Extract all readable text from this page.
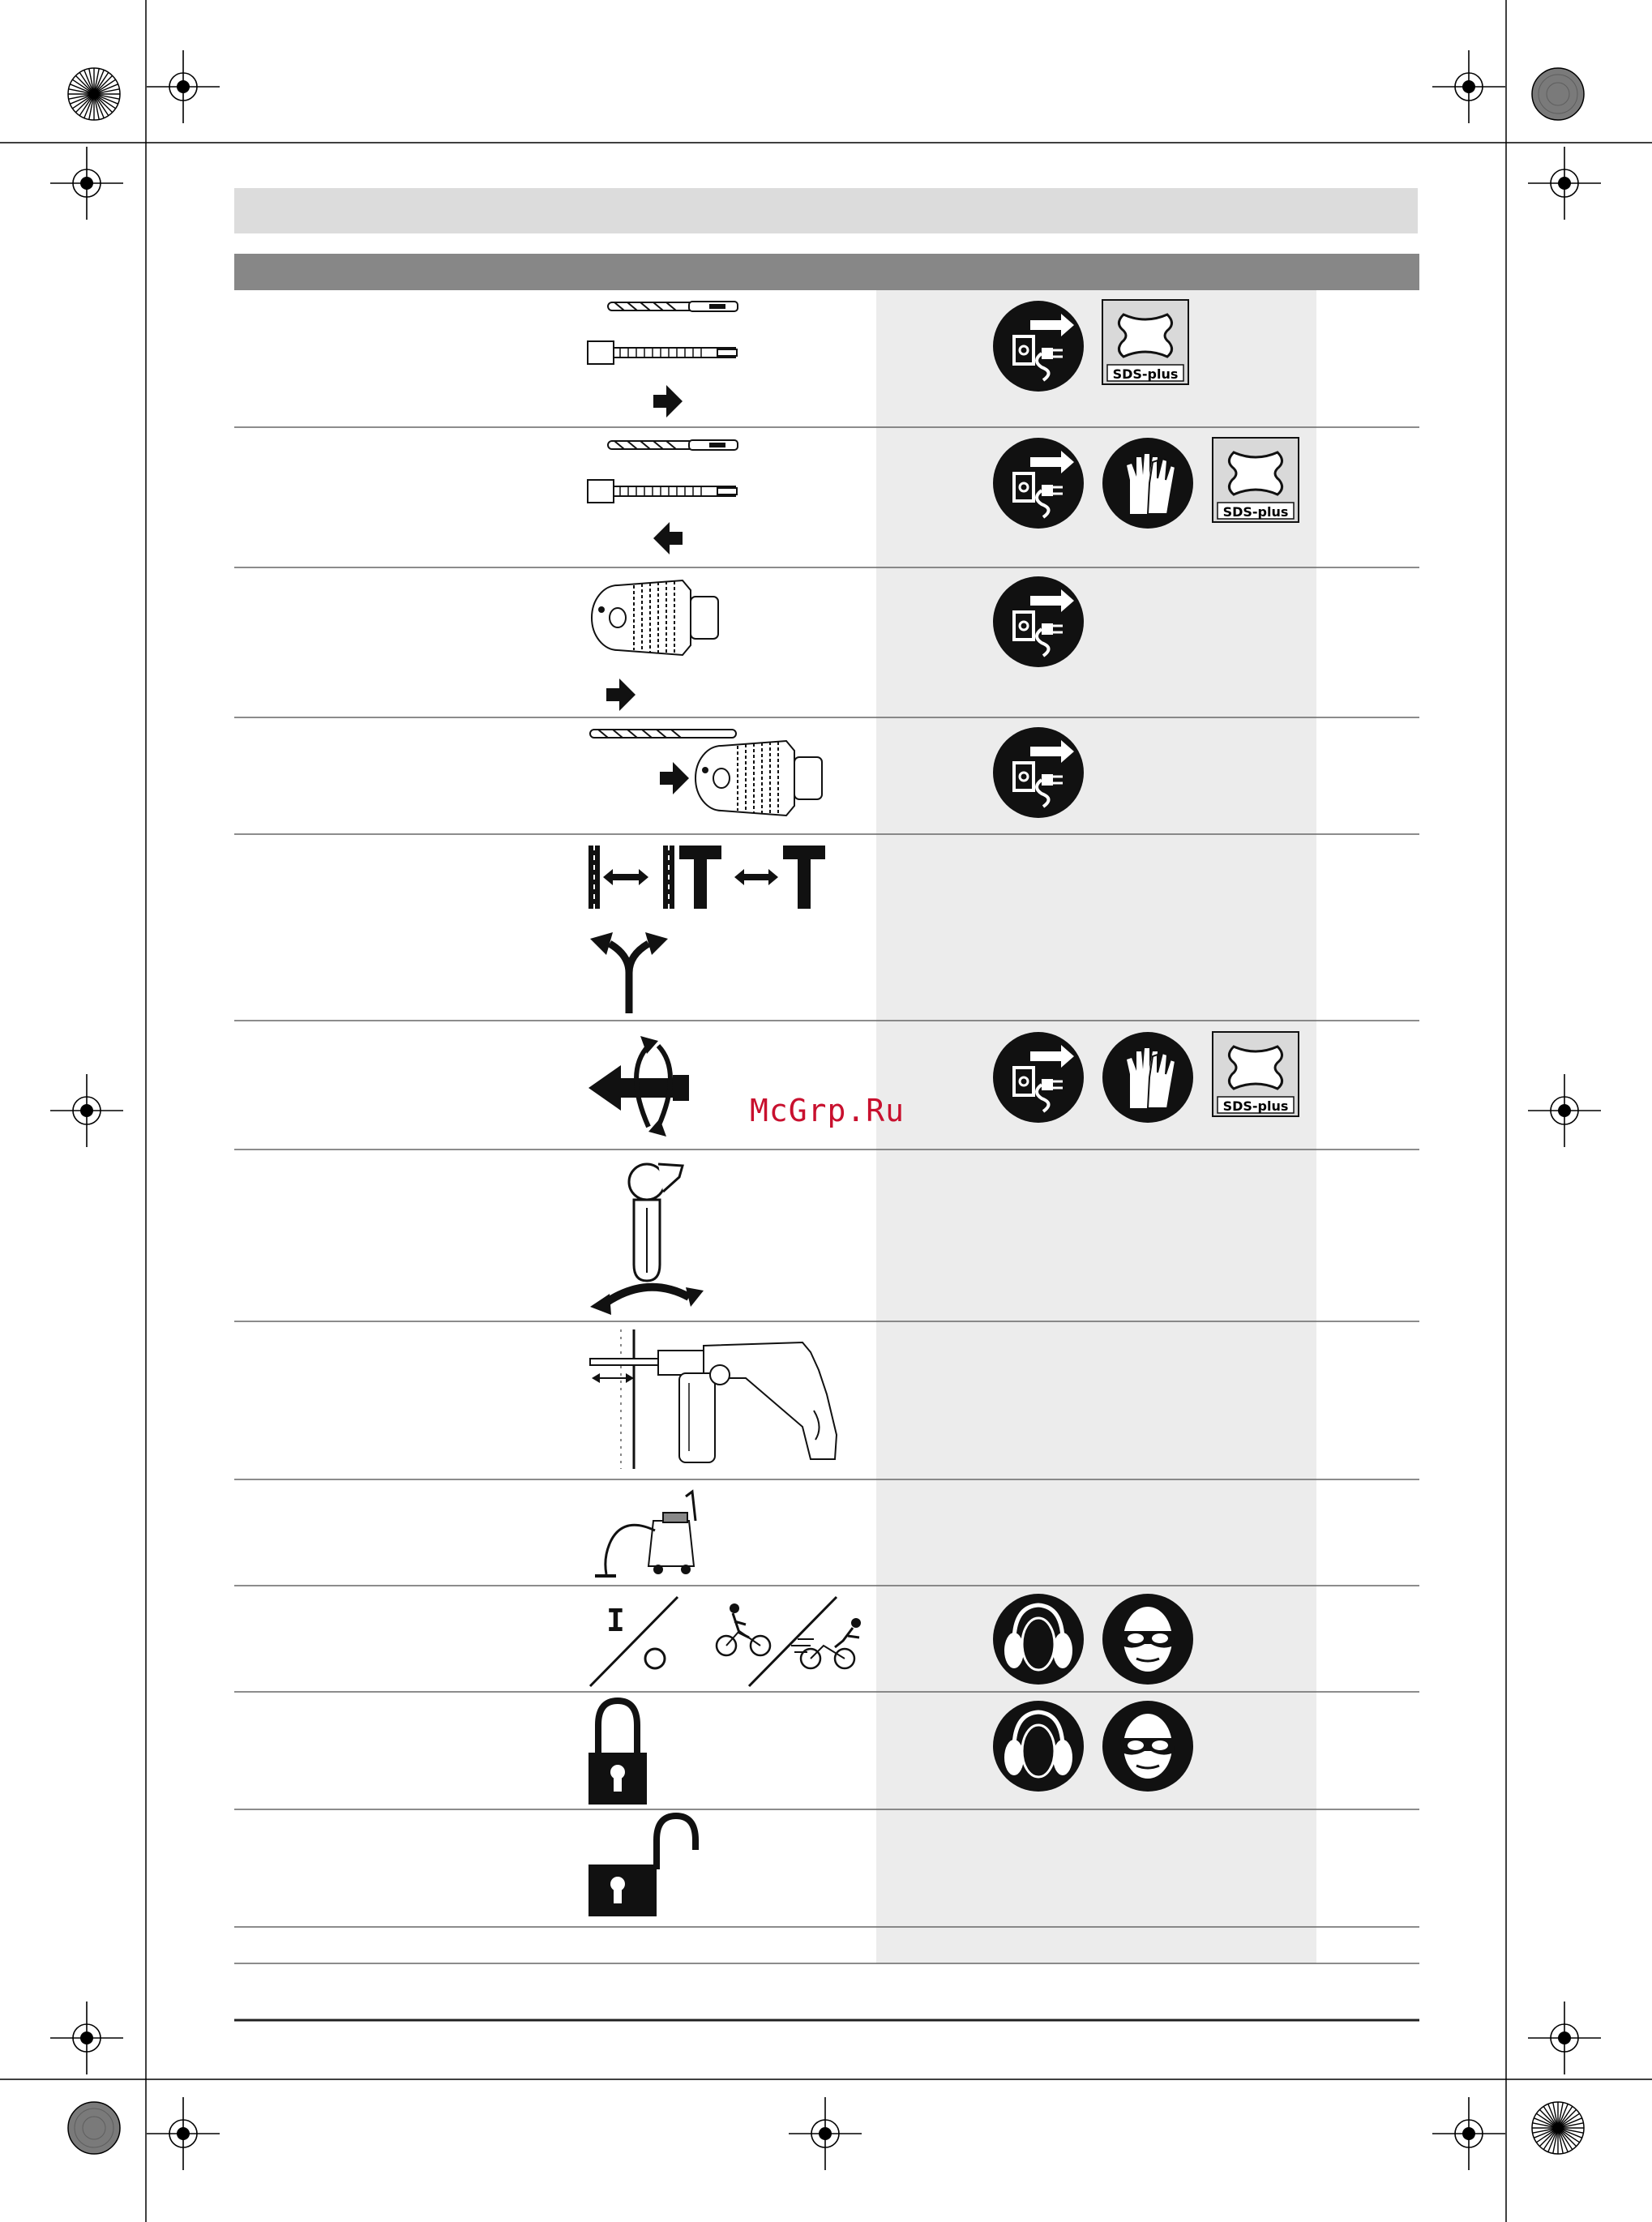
I
SDS-plus
SDS-plus
SDS-plus
McGrp.Ru
